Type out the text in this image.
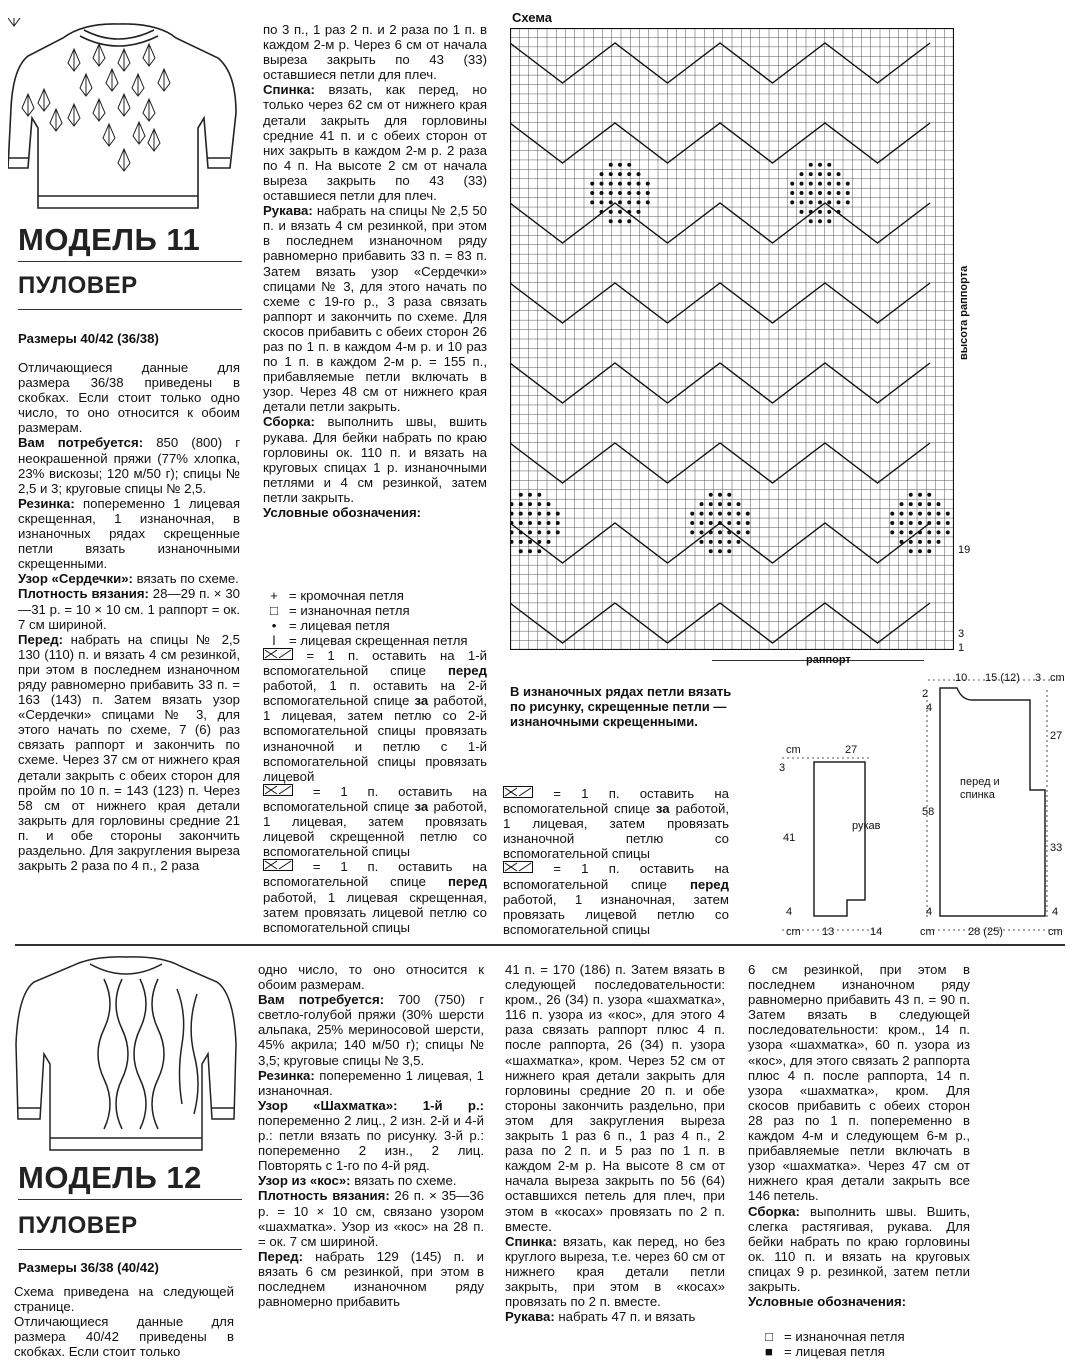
МОДЕЛЬ 11
ПУЛОВЕР
Размеры 40/42 (36/38)

Отличающиеся данные для размера 36/38 приведены в скобках. Если стоит только одно число, то оно относится к обоим размерам.

Вам потребуется: 850 (800) г неокрашенной пряжи (77% хлопка, 23% вискозы; 120 м/50 г); спицы № 2,5 и 3; круговые спицы № 2,5.

Резинка: попеременно 1 лицевая скрещенная, 1 изнаночная, в изнаночных рядах скрещенные петли вязать изнаночными скрещенными.

Узор «Сердечки»: вязать по схеме.

Плотность вязания: 28—29 п. × 30—31 р. = 10 × 10 см. 1 раппорт = ок. 7 см шириной.

Перед: набрать на спицы № 2,5 130 (110) п. и вязать 4 см резинкой, при этом в последнем изнаночном ряду равномерно прибавить 33 п. = 163 (143) п. Затем вязать узор «Сердечки» спицами № 3, для этого начать по схеме, 7 (6) раз связать раппорт и закончить по схеме. Через 37 см от нижнего края детали закрыть с обеих сторон для пройм по 10 п. = 143 (123) п. Через 58 см от нижнего края детали закрыть для горловины средние 21 п. и обе стороны закончить раздельно. Для закругления выреза закрыть 2 раза по 4 п., 2 раза

по 3 п., 1 раз 2 п. и 2 раза по 1 п. в каждом 2-м р. Через 6 см от начала выреза закрыть по 43 (33) оставшиеся петли для плеч.

Спинка: вязать, как перед, но только через 62 см от нижнего края детали закрыть для горловины средние 41 п. и с обеих сторон от них закрыть в каждом 2-м р. 2 раза по 4 п. На высоте 2 см от начала выреза закрыть по 43 (33) оставшиеся петли для плеч.

Рукава: набрать на спицы № 2,5 50 п. и вязать 4 см резинкой, при этом в последнем изнаночном ряду равномерно прибавить 33 п. = 83 п. Затем вязать узор «Сердечки» спицами № 3, для этого начать по схеме с 19-го р., 3 раза связать раппорт и закончить по схеме. Для скосов прибавить с обеих сторон 26 раз по 1 п. в каждом 4-м р. и 10 раз по 1 п. в каждом 2-м р. = 155 п., прибавляемые петли включать в узор. Через 48 см от нижнего края детали петли закрыть.

Сборка: выполнить швы, вшить рукава. Для бейки набрать по краю горловины ок. 110 п. и вязать на круговых спицах 1 р. изнаночными петлями и 4 см резинкой, затем петли закрыть.

Условные обозначения:

+ = кромочная петля
□ = изнаночная петля
• = лицевая петля
ǀ	= лицевая скрещенная петля

= 1 п. оставить на 1-й вспомогательной спице перед работой, 1 п. оставить на 2-й вспомогательной спице за работой, 1 лицевая, затем петлю со 2-й вспомогательной спицы провязать изнаночной и петлю с 1-й вспомогательной спицы провязать лицевой

= 1 п. оставить на вспомогательной спице за работой, 1 лицевая, затем провязать лицевой скрещенной петлю со вспомогательной спицы

= 1 п. оставить на вспомогательной спице перед работой, 1 лицевая скрещенная, затем провязать лицевой петлю со вспомогательной спицы

Схема
высота раппорта
раппорт
19
3
1
В изнаночных рядах петли вязать по рисунку, скрещенные петли — изнаночными скрещенными.

= 1 п. оставить на вспомогательной спице за работой, 1 лицевая, затем провязать изнаночной петлю со вспомогательной спицы

= 1 п. оставить на вспомогательной спице перед работой, 1 изнаночная, затем провязать лицевой петлю со вспомогательной спицы

10 15 (12) 3 cm
2
4
cm	27
3
41
рукав
58
перед и спинка
27
33
4	4	4
cm 13	14	cm	28 (25)	cm
МОДЕЛЬ 12
ПУЛОВЕР
Размеры 36/38 (40/42)

Схема приведена на следующей странице.

Отличающиеся данные для размера 40/42 приведены в скобках. Если стоит только

одно число, то оно относится к обоим размерам.

Вам потребуется: 700 (750) г светло-голубой пряжи (30% шерсти альпака, 25% мериносовой шерсти, 45% акрила; 140 м/50 г); спицы № 3,5; круговые спицы № 3,5.

Резинка: попеременно 1 лицевая, 1 изнаночная.

Узор «Шахматка»: 1-й р.: попеременно 2 лиц., 2 изн. 2-й и 4-й р.: петли вязать по рисунку. 3-й р.: попеременно 2 изн., 2 лиц. Повторять с 1-го по 4-й ряд.

Узор из «кос»: вязать по схеме.

Плотность вязания: 26 п. × 35—36 р. = 10 × 10 см, связано узором «шахматка». Узор из «кос» на 28 п. = ок. 7 см шириной.

Перед: набрать 129 (145) п. и вязать 6 см резинкой, при этом в последнем изнаночном ряду равномерно прибавить

41 п. = 170 (186) п. Затем вязать в следующей последовательности: кром., 26 (34) п. узора «шахматка», 116 п. узора из «кос», для этого 4 раза связать раппорт плюс 4 п. после раппорта, 26 (34) п. узора «шахматка», кром. Через 52 см от нижнего края детали закрыть для горловины средние 20 п. и обе стороны закончить раздельно, при этом для закругления выреза закрыть 1 раз 6 п., 1 раз 4 п., 2 раза по 2 п. и 5 раз по 1 п. в каждом 2-м р. На высоте 8 см от начала выреза закрыть по 56 (64) оставшихся петель для плеч, при этом в «косах» провязать по 2 п. вместе.

Спинка: вязать, как перед, но без круглого выреза, т.е. через 60 см от нижнего края детали петли закрыть, при этом в «косах» провязать по 2 п. вместе.

Рукава: набрать 47 п. и вязать

6 см резинкой, при этом в последнем изнаночном ряду равномерно прибавить 43 п. = 90 п. Затем вязать в следующей последовательности: кром., 14 п. узора «шахматка», 60 п. узора из «кос», для этого связать 2 раппорта плюс 4 п. после раппорта, 14 п. узора «шахматка», кром. Для скосов прибавить с обеих сторон 28 раз по 1 п. попеременно в каждом 4-м и следующем 6-м р., прибавляемые петли включать в узор «шахматка». Через 47 см от нижнего края детали закрыть все 146 петель.

Сборка: выполнить швы. Вшить, слегка растягивая, рукава. Для бейки набрать по краю горловины ок. 110 п. и вязать на круговых спицах 9 р. резинкой, затем петли закрыть.

Условные обозначения:

□ = изнаночная петля
■ = лицевая петля
